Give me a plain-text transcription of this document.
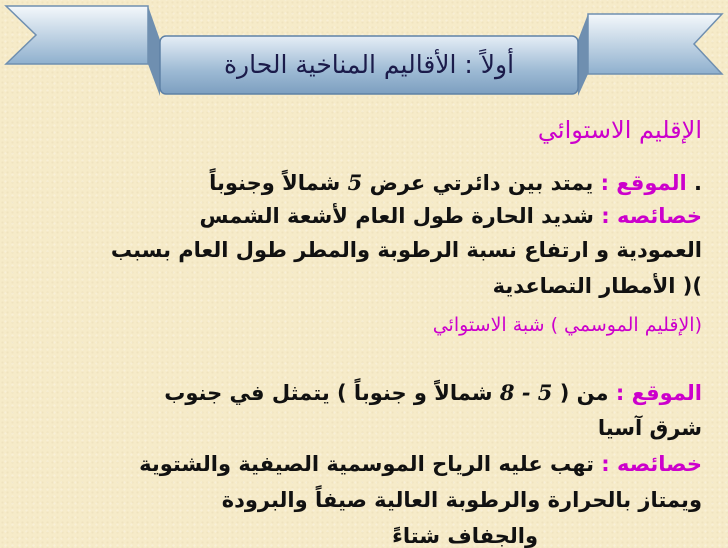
أولاً : الأقاليم المناخية الحارة
الإقليم الاستوائي
. الموقع : يمتد بين دائرتي عرض 5 شمالاً وجنوباً
خصائصه : شديد الحارة طول العام لأشعة الشمس
العمودية و ارتفاع نسبة الرطوبة والمطر طول العام بسبب
)( الأمطار التصاعدية
(الإقليم الموسمي ) شبة الاستوائي
الموقع : من ( 5 - 8 شمالاً و جنوباً ) يتمثل في جنوب
شرق آسيا
خصائصه : تهب عليه الرياح الموسمية الصيفية والشتوية
ويمتاز بالحرارة والرطوبة العالية صيفاً والبرودة
والجفاف شتاءً
